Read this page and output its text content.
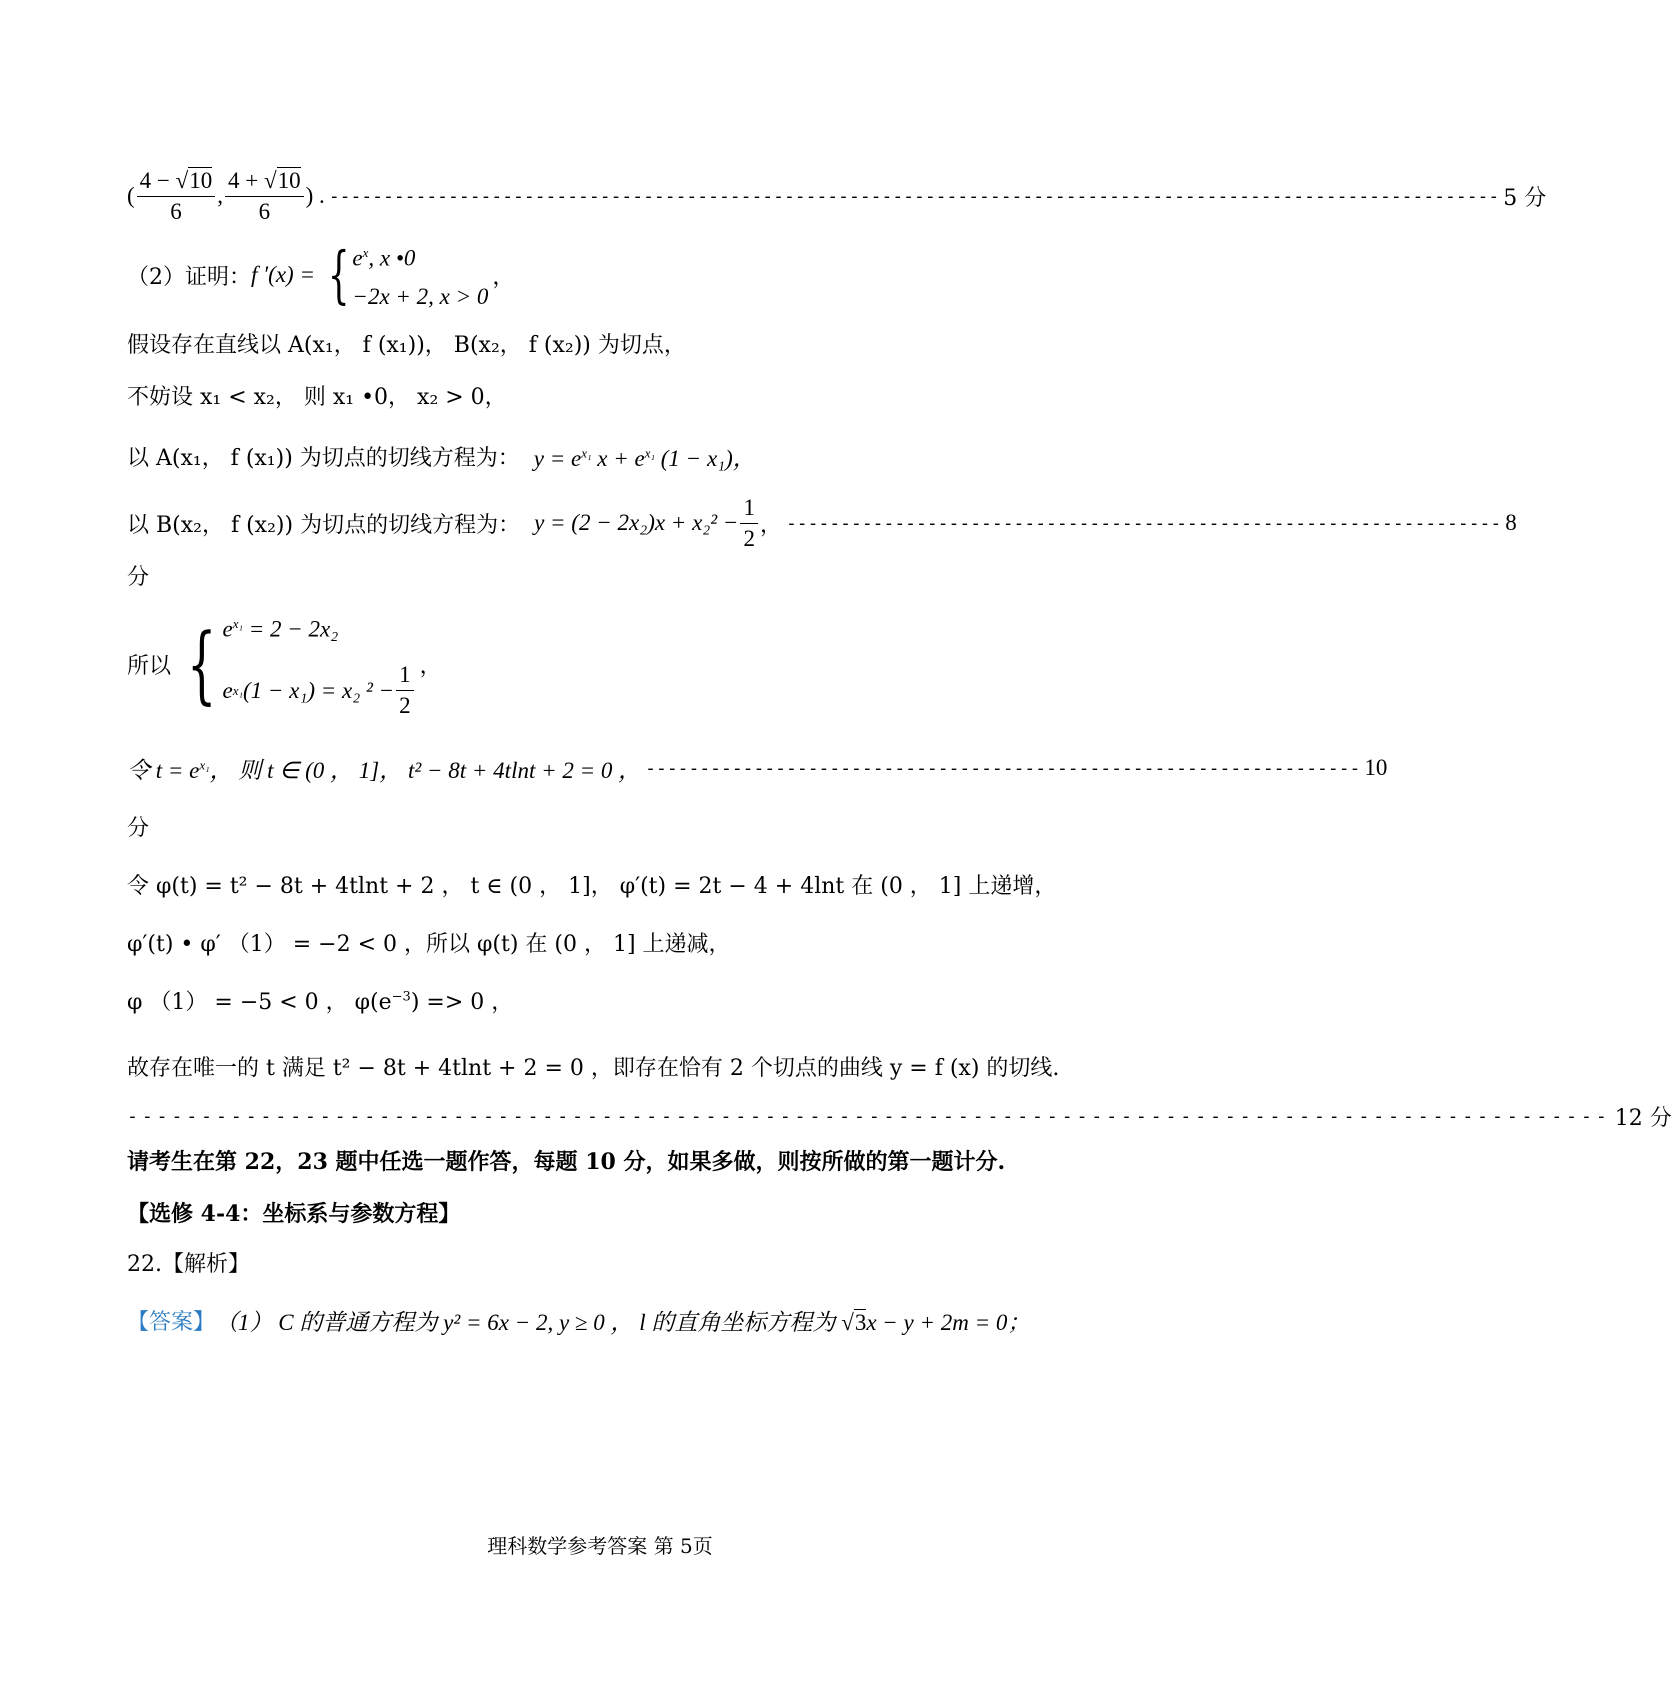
( $\frac{4 - √10}{6}$ , $\frac{4 + √10}{6}$ ) . ------------------------------------------------------------------------------------------------------------ 5 分
（2）证明： f ′(x) = { $e^x$, x •0
−2x + 2, x > 0
，
假设存在直线以 A(x₁， f (x₁))， B(x₂， f (x₂)) 为切点，
不妨设 x₁ < x₂， 则 x₁ •0， x₂ > 0，
以 A(x₁， f (x₁)) 为切点的切线方程为： $y = e^{x_1}$ $x + e^{x_1}$ (1 − x₁)，
以 B(x₂， f (x₂)) 为切点的切线方程为： $y = (2 - 2x_2)x + x_2^2 - \frac{1}{2}$ ， ------------------------------------------------------------------ 8
分
所以 { $e^{x_1} = 2 - 2x_2$
e x₁ (1 − x₁) = x₂ $^2 - \frac{1}{2}$ ，
令 $t = e^{x_1}$， 则 t ∈ (0 ， 1]， t² − 8t + 4tlnt + 2 = 0 ， ------------------------------------------------------------------ 10
分
令 φ(t) = t² − 8t + 4tlnt + 2 ， t ∈ (0 ， 1]， φ′(t) = 2t − 4 + 4lnt 在 (0 ， 1] 上递增，
φ′(t) • φ′ （1） = −2 < 0 ，所以 φ(t) 在 (0 ， 1] 上递减，
φ （1） = −5 < 0 ， $\varphi(e^{-3}) => 0$ ，
故存在唯一的 t 满足 t² − 8t + 4tlnt + 2 = 0 ，即存在恰有 2 个切点的曲线 y = f (x) 的切线.
---------------------------------------------------------------------------------------------------- 12 分
请考生在第 22，23 题中任选一题作答，每题 10 分，如果多做，则按所做的第一题计分.
【选修 4-4：坐标系与参数方程】
22.【解析】
【答案】 （1） C 的普通方程为 y² = 6x − 2, y ≥ 0 ， l 的直角坐标方程为 √3x − y + 2m = 0；
理科数学参考答案 第 5页
